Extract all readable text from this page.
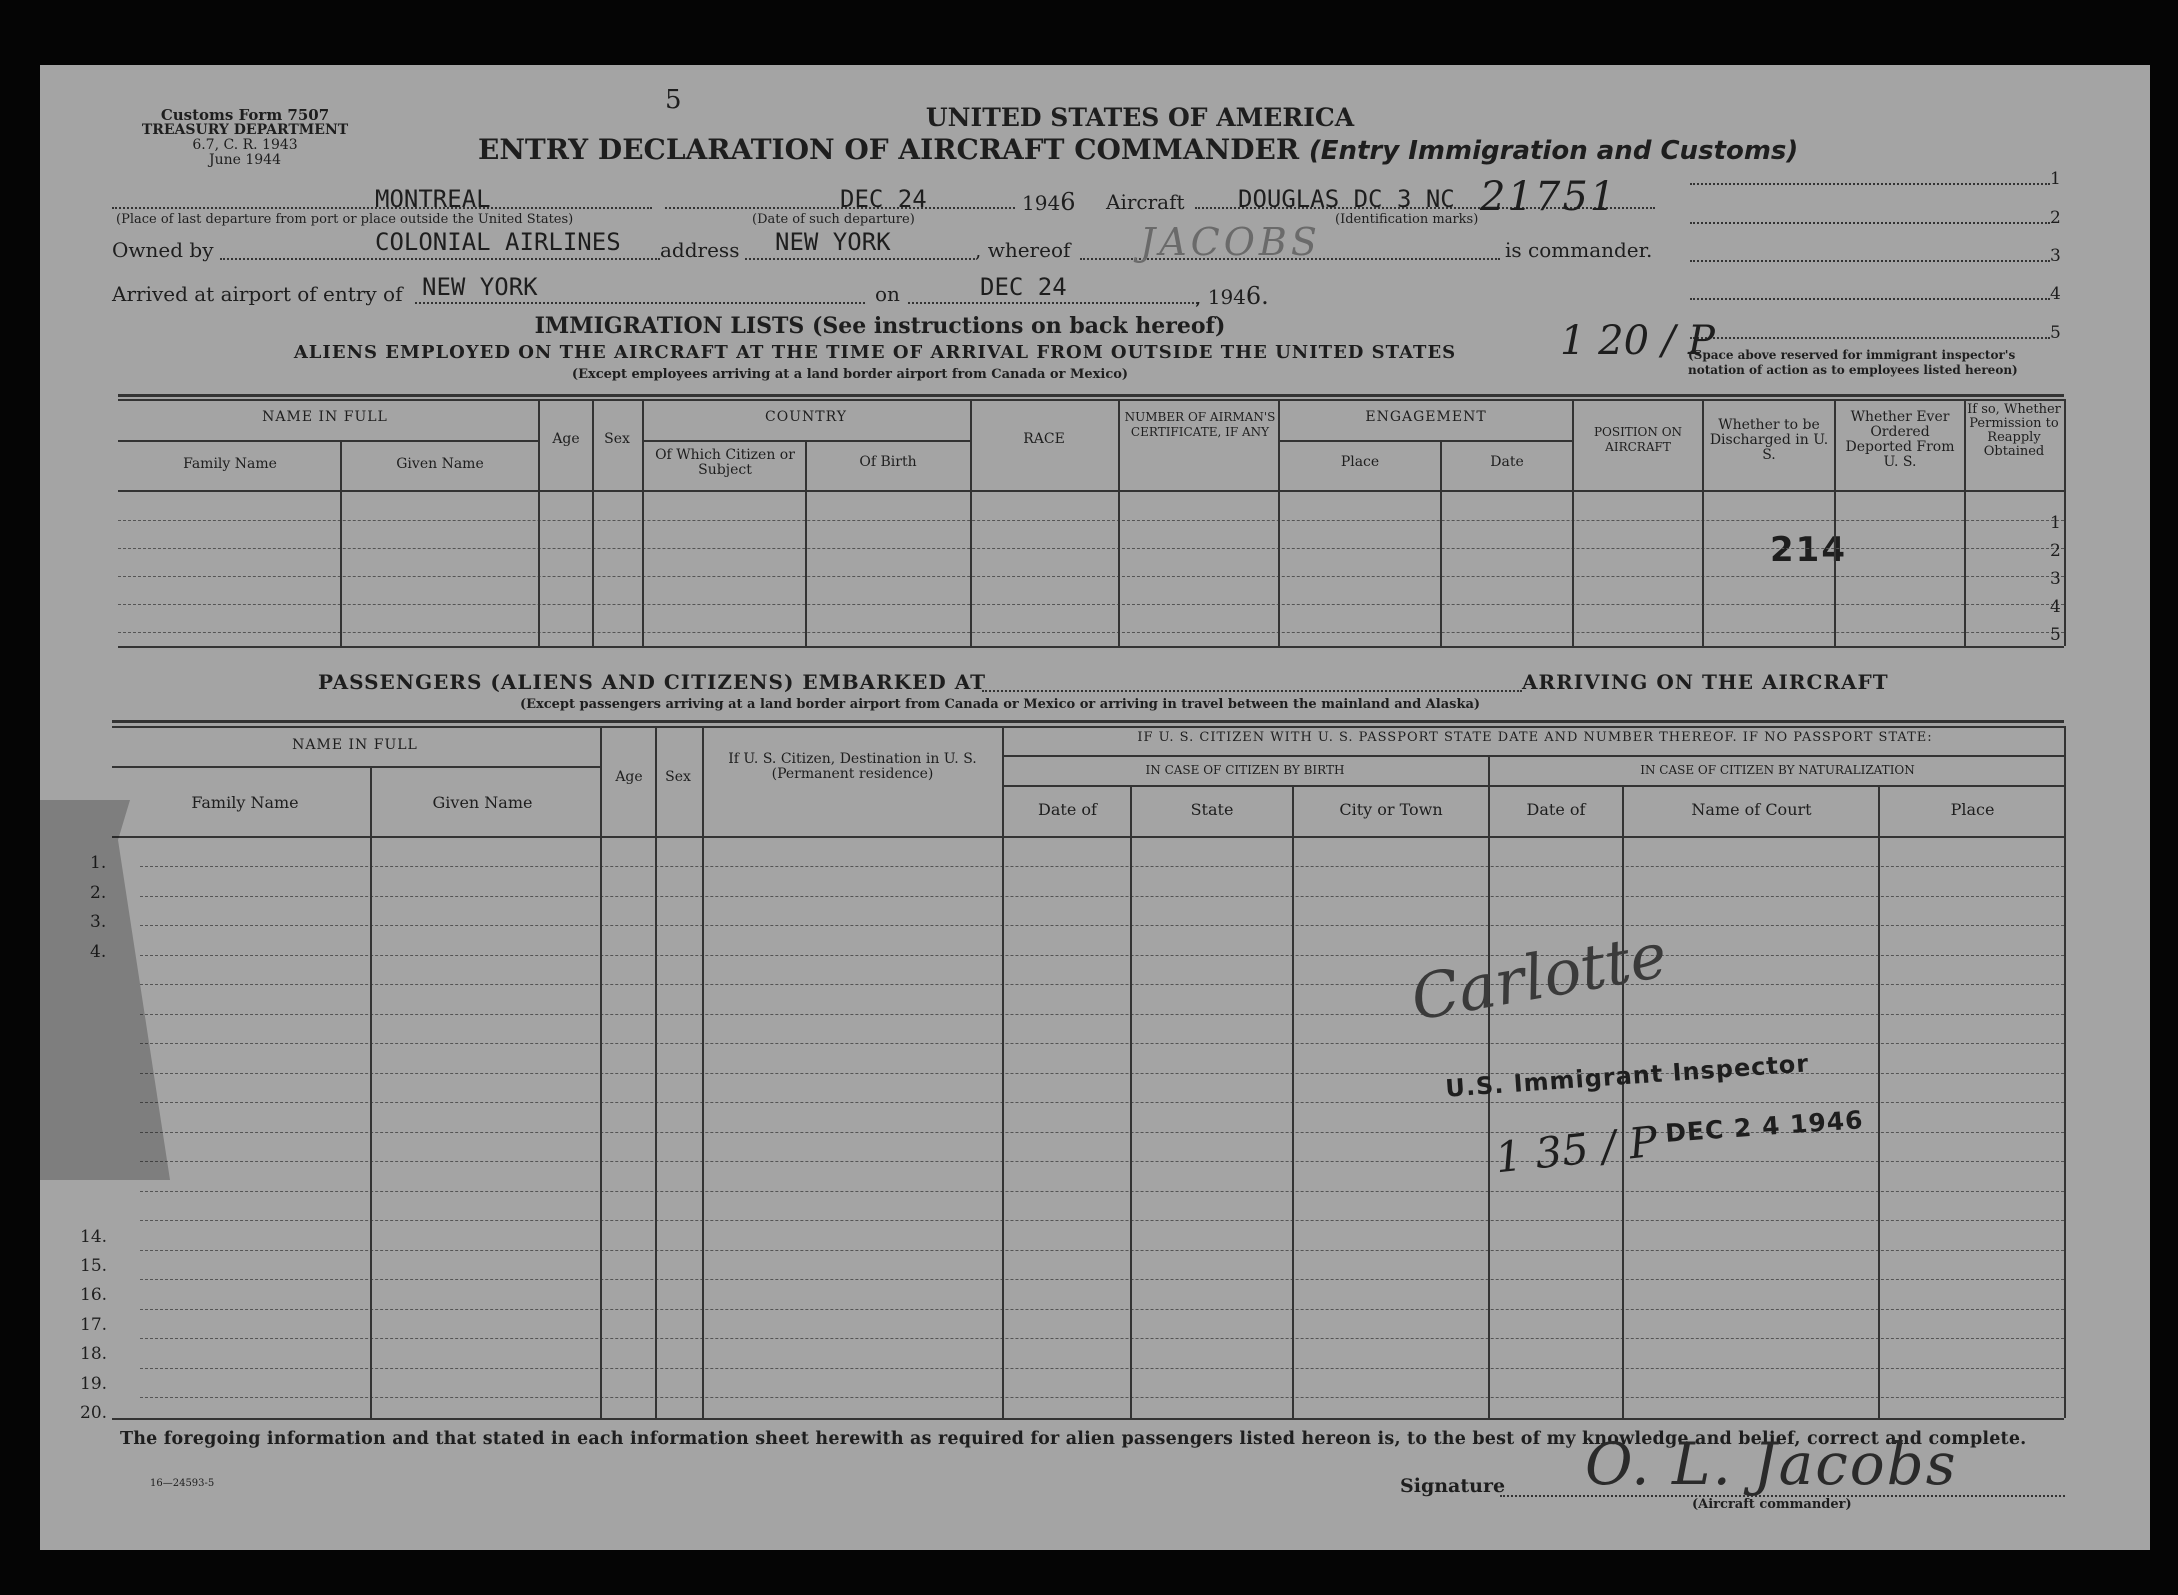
Customs Form 7507
TREASURY DEPARTMENT
6.7, C. R. 1943
June 1944
5
UNITED STATES OF AMERICA
ENTRY DECLARATION OF AIRCRAFT COMMANDER (Entry Immigration and Customs)
MONTREAL
(Place of last departure from port or place outside the United States)
DEC 24
(Date of such departure)
1946 Aircraft DOUGLAS DC 3 NC 21751
(Identification marks)
Owned by	COLONIAL AIRLINES address NEW YORK	, whereof JACOBS	is commander.
Arrived at airport of entry of NEW YORK	on	DEC 24	, 1946.
1
2
3
4
5
(Space above reserved for immigrant inspector's notation of action as to employees listed hereon)
1 20 / P
IMMIGRATION LISTS (See instructions on back hereof)
ALIENS EMPLOYED ON THE AIRCRAFT AT THE TIME OF ARRIVAL FROM OUTSIDE THE UNITED STATES
(Except employees arriving at a land border airport from Canada or Mexico)
NAME IN FULL
Family Name	Given Name
Age	Sex
COUNTRY
Of Which Citizen or Subject	Of Birth
RACE
NUMBER OF AIRMAN'S CERTIFICATE, IF ANY
ENGAGEMENT
Place	Date
POSITION ON AIRCRAFT
Whether to be Discharged in U. S.
Whether Ever Ordered Deported From U. S.
If so, Whether Permission to Reapply Obtained
214
1
2
3
4
5
PASSENGERS (ALIENS AND CITIZENS) EMBARKED AT	ARRIVING ON THE AIRCRAFT
(Except passengers arriving at a land border airport from Canada or Mexico or arriving in travel between the mainland and Alaska)
NAME IN FULL
Family Name	Given Name
Age	Sex
If U. S. Citizen, Destination in U. S. (Permanent residence)
IF U. S. CITIZEN WITH U. S. PASSPORT STATE DATE AND NUMBER THEREOF. IF NO PASSPORT STATE:
IN CASE OF CITIZEN BY BIRTH	IN CASE OF CITIZEN BY NATURALIZATION
Date of	State	City or Town	Date of	Name of Court	Place
1.
2.
3.
4.
14.
15.
16.
17.
18.
19.
20.
Carlotte
U.S. Immigrant Inspector
DEC 2 4 1946
1 35 / P
The foregoing information and that stated in each information sheet herewith as required for alien passengers listed hereon is, to the best of my knowledge and belief, correct and complete.
16—24593-5	Signature O. L. Jacobs
(Aircraft commander)
